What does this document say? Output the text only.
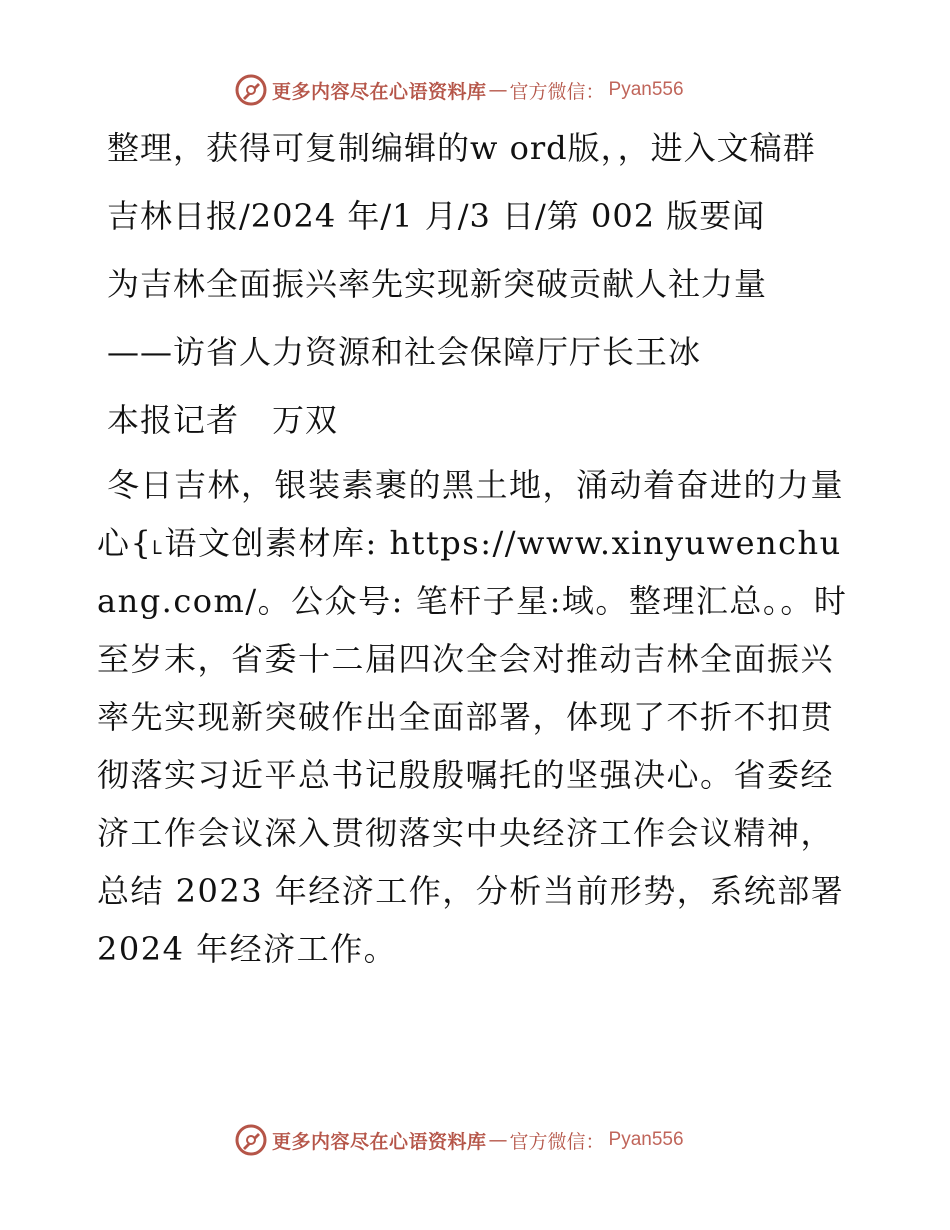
更多内容尽在心语资料库 — 官方微信： Pyan556

整理，获得可复制编辑的w ord版，，进入文稿群

吉林日报/2024 年/1 月/3 日/第 002 版要闻

为吉林全面振兴率先实现新突破贡献人社力量

——访省人力资源和社会保障厅厅长王冰

本报记者　万双

冬日吉林，银装素裹的黑土地，涌动着奋进的力量心{˪语文创素材库: https://www.xinyuwenchuang.com/。公众号: 笔杆子星:域。整理汇总。。时至岁末，省委十二届四次全会对推动吉林全面振兴率先实现新突破作出全面部署，体现了不折不扣贯彻落实习近平总书记殷殷嘱托的坚强决心。省委经济工作会议深入贯彻落实中央经济工作会议精神，总结 2023 年经济工作，分析当前形势，系统部署 2024 年经济工作。

更多内容尽在心语资料库 — 官方微信： Pyan556
